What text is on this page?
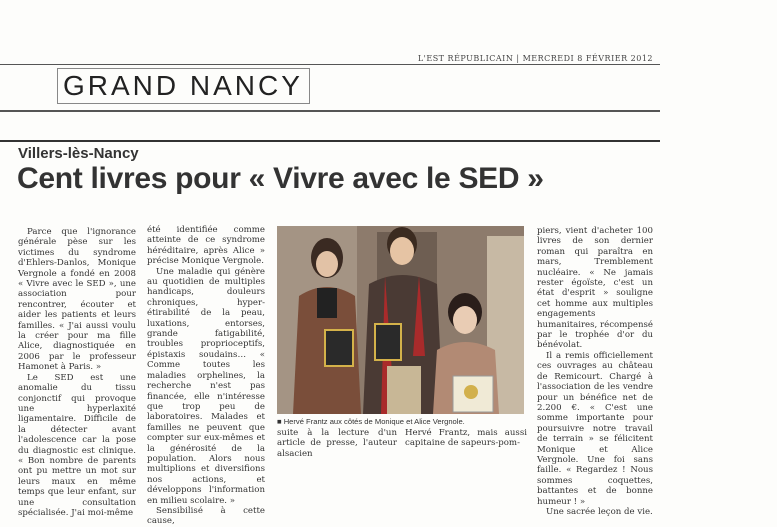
L'EST RÉPUBLICAIN | MERCREDI 8 FÉVRIER 2012
GRAND NANCY
Villers-lès-Nancy
Cent livres pour « Vivre avec le SED »

Parce que l'ignorance générale pèse sur les victimes du syndrome d'Ehlers-Danlos, Monique Vergnole a fondé en 2008 « Vivre avec le SED », une association pour rencontrer, écouter et aider les patients et leurs familles. « J'ai aussi voulu la créer pour ma fille Alice, diagnostiquée en 2006 par le professeur Hamonet à Paris. »

Le SED est une anomalie du tissu conjonctif qui provoque une hyperlaxité ligamentaire. Difficile de la détecter avant l'adolescence car la pose du diagnostic est clinique. « Bon nombre de parents ont pu mettre un mot sur leurs maux en même temps que leur enfant, sur une consultation spécialisée. J'ai moi-même

été identifiée comme atteinte de ce syndrome héréditaire, après Alice » précise Monique Vergnole.

Une maladie qui génère au quotidien de multiples handicaps, douleurs chroniques, hyper-étirabilité de la peau, luxations, entorses, grande fatigabilité, troubles proprioceptifs, épistaxis soudains… « Comme toutes les maladies orphelines, la recherche n'est pas financée, elle n'intéresse que trop peu de laboratoires. Malades et familles ne peuvent que compter sur eux-mêmes et la générosité de la population. Alors nous multiplions et diversifions nos actions, et développons l'information en milieu scolaire. »

Sensibilisé à cette cause,

■ Hervé Frantz aux côtés de Monique et Alice Vergnole.

piers, vient d'acheter 100 livres de son dernier roman qui paraîtra en mars, Tremblement nucléaire. « Ne jamais rester égoïste, c'est un état d'esprit » souligne cet homme aux multiples engagements humanitaires, récompensé par le trophée d'or du bénévolat.

Il a remis officiellement ces ouvrages au château de Remicourt. Chargé à l'association de les vendre pour un bénéfice net de 2.200 €. « C'est une somme importante pour poursuivre notre travail de terrain » se félicitent Monique et Alice Vergnole. Une foi sans faille. « Regardez ! Nous sommes coquettes, battantes et de bonne humeur ! »

Une sacrée leçon de vie.

suite à la lecture d'un article de presse, l'auteur alsacien
Hervé Frantz, mais aussi capitaine de sapeurs-pom-
